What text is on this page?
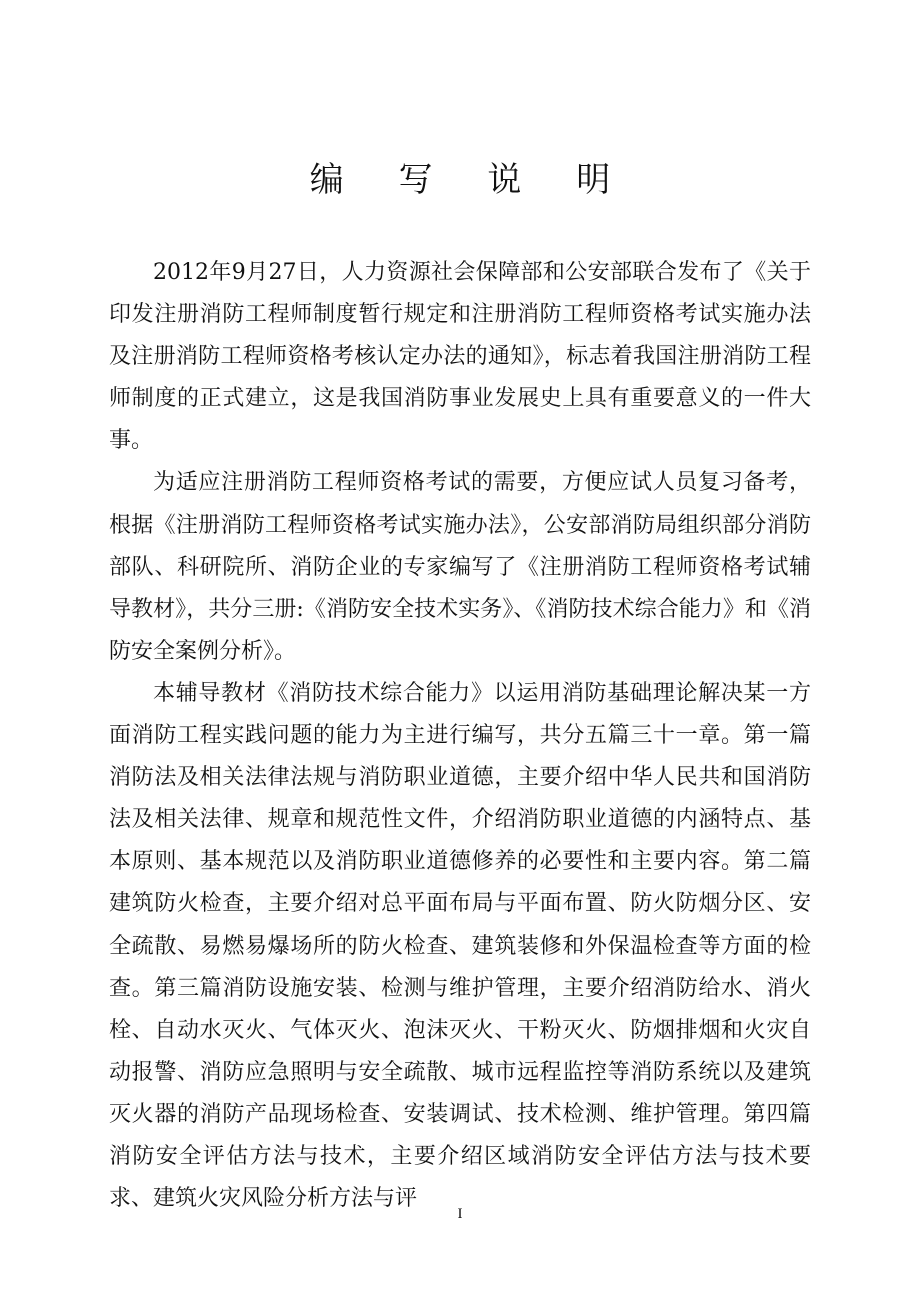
编 写 说 明

2012年9月27日，人力资源社会保障部和公安部联合发布了《关于印发注册消防工程师制度暂行规定和注册消防工程师资格考试实施办法及注册消防工程师资格考核认定办法的通知》，标志着我国注册消防工程师制度的正式建立，这是我国消防事业发展史上具有重要意义的一件大事。

为适应注册消防工程师资格考试的需要，方便应试人员复习备考，根据《注册消防工程师资格考试实施办法》，公安部消防局组织部分消防部队、科研院所、消防企业的专家编写了《注册消防工程师资格考试辅导教材》，共分三册:《消防安全技术实务》、《消防技术综合能力》和《消防安全案例分析》。

本辅导教材《消防技术综合能力》以运用消防基础理论解决某一方面消防工程实践问题的能力为主进行编写，共分五篇三十一章。第一篇消防法及相关法律法规与消防职业道德，主要介绍中华人民共和国消防法及相关法律、规章和规范性文件，介绍消防职业道德的内涵特点、基本原则、基本规范以及消防职业道德修养的必要性和主要内容。第二篇建筑防火检查，主要介绍对总平面布局与平面布置、防火防烟分区、安全疏散、易燃易爆场所的防火检查、建筑装修和外保温检查等方面的检查。第三篇消防设施安装、检测与维护管理，主要介绍消防给水、消火栓、自动水灭火、气体灭火、泡沫灭火、干粉灭火、防烟排烟和火灾自动报警、消防应急照明与安全疏散、城市远程监控等消防系统以及建筑灭火器的消防产品现场检查、安装调试、技术检测、维护管理。第四篇消防安全评估方法与技术，主要介绍区域消防安全评估方法与技术要求、建筑火灾风险分析方法与评

I
